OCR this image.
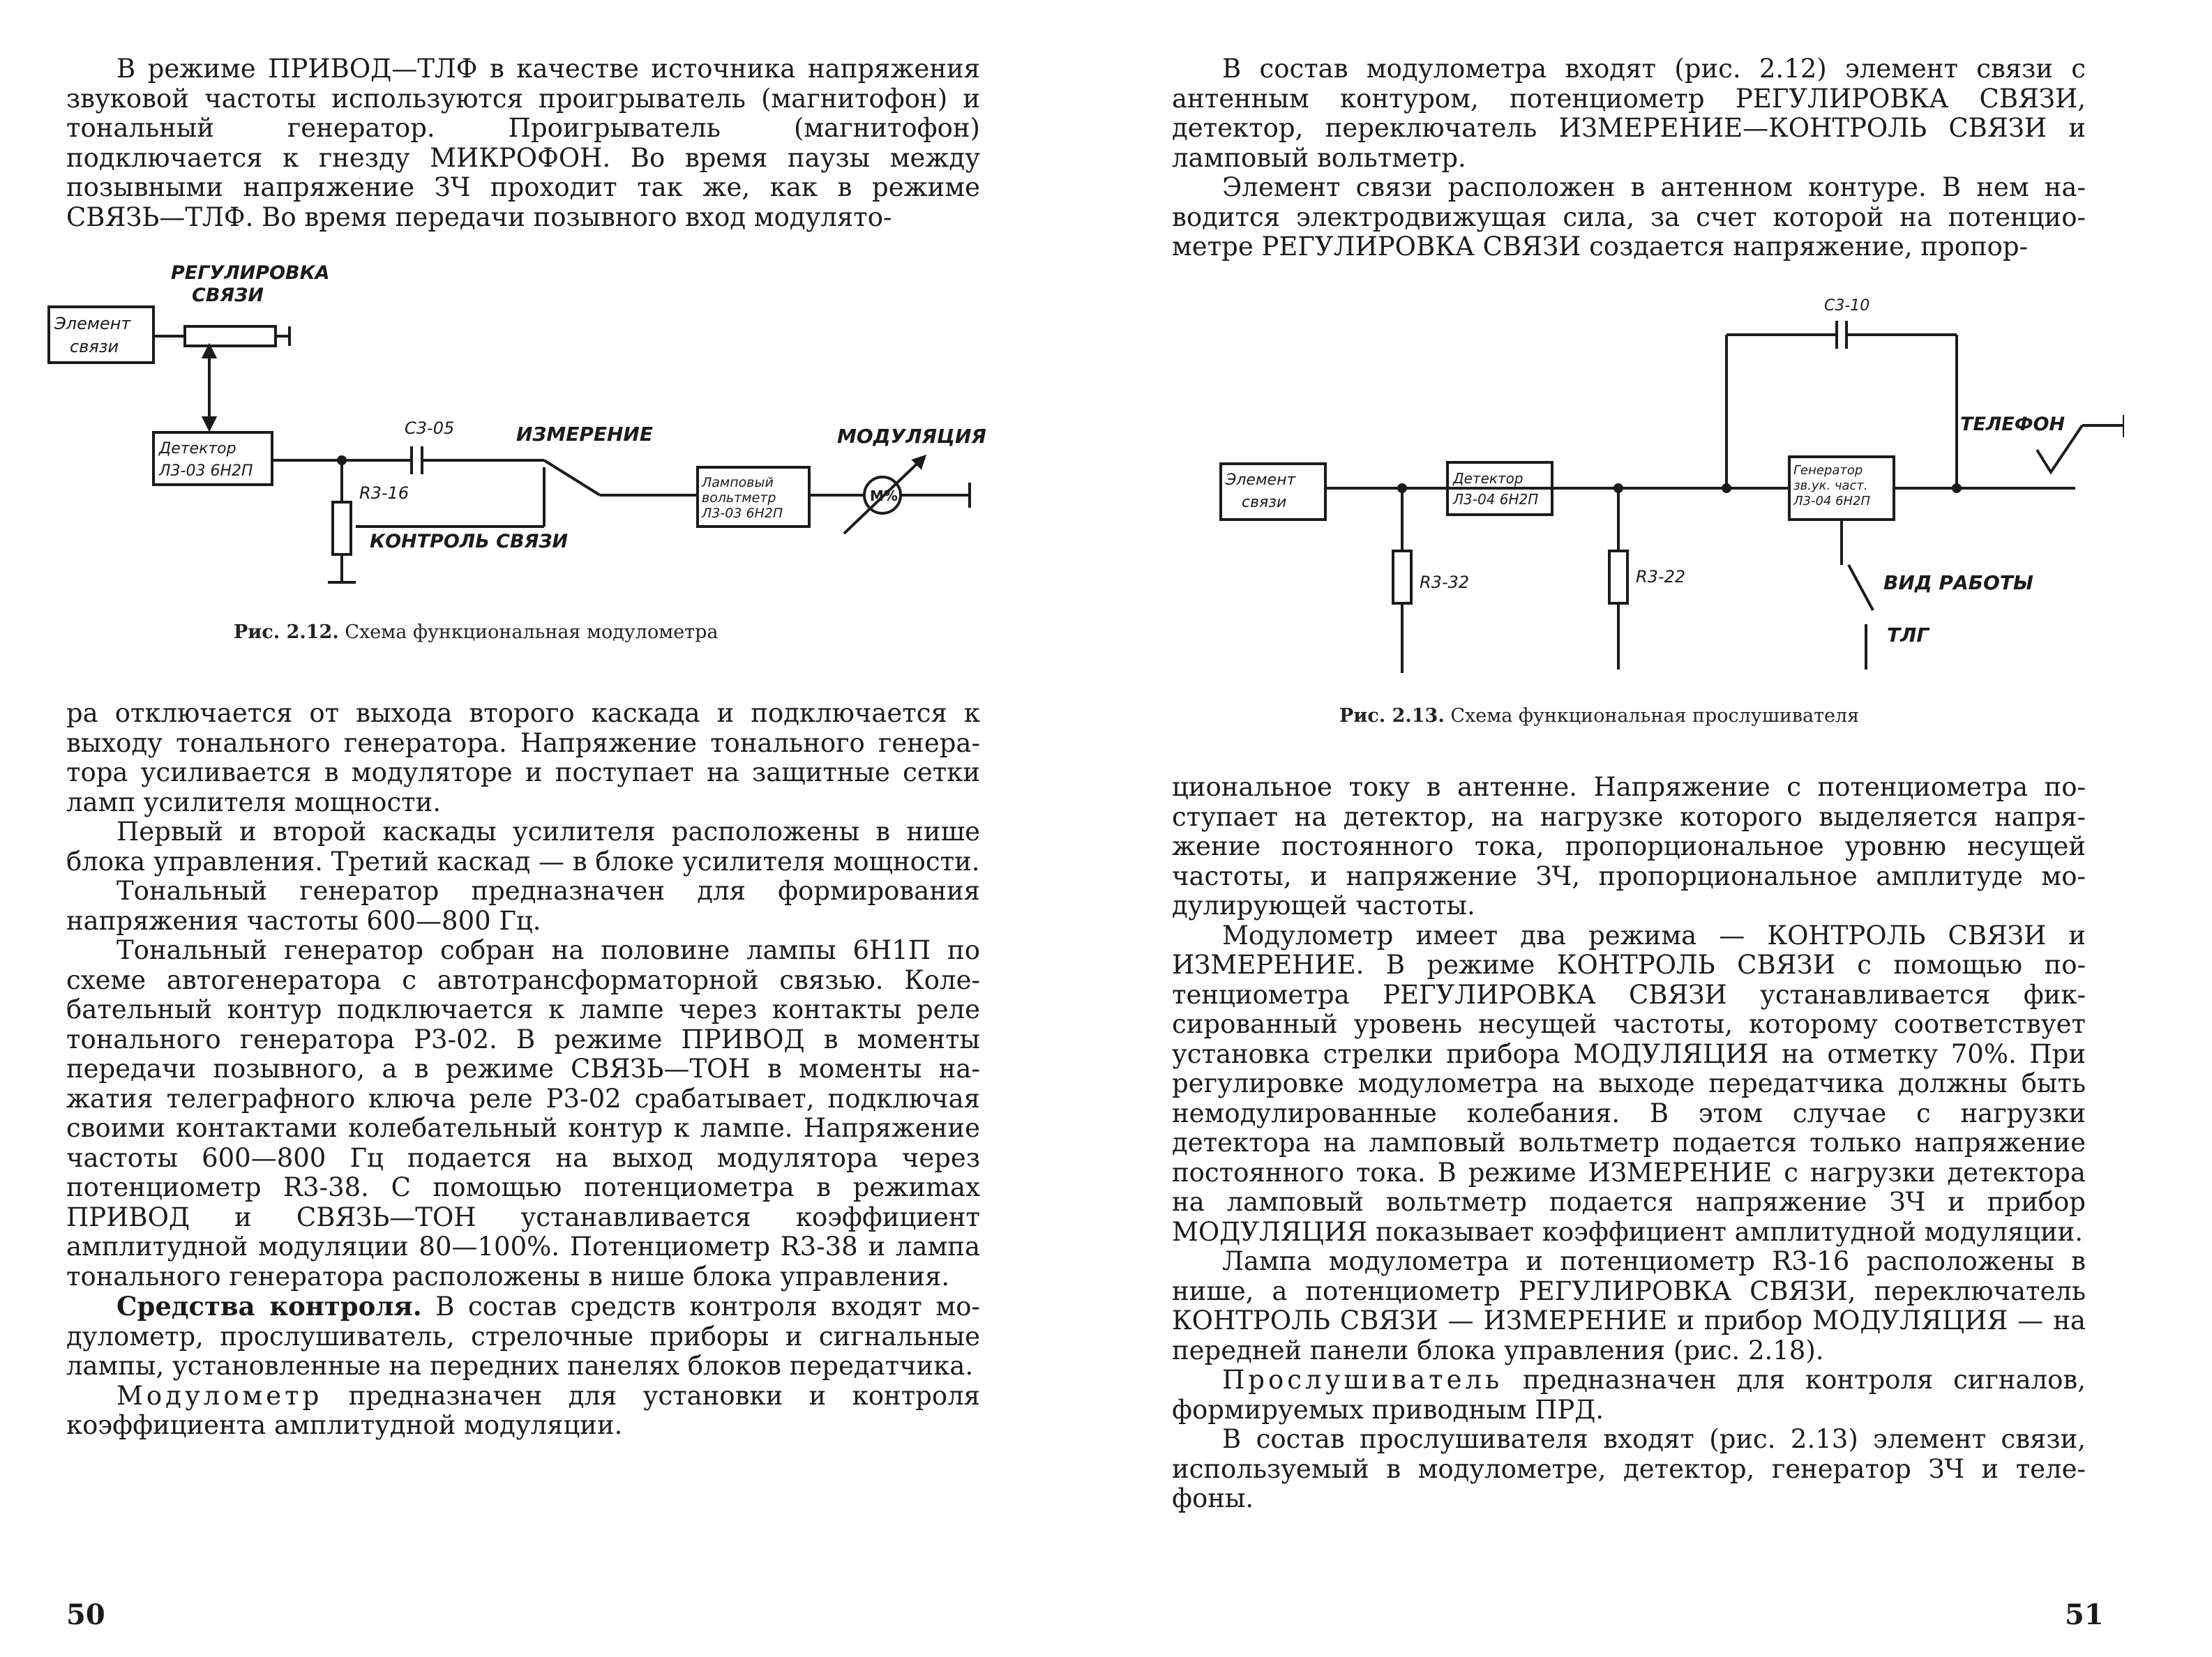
В режиме ПРИВОД—ТЛФ в качестве источника напряжения звуковой частоты используются проигрыватель (магнитофон) и тональный генератор. Проигрыватель (магнитофон) подключается к гнезду МИКРОФОН. Во время паузы между позывными напряжение ЗЧ проходит так же, как в режиме СВЯЗЬ—ТЛФ. Во время передачи позывного вход модулято-

РЕГУЛИРОВКА
СВЯЗИ
Элемент
связи
Детектор
Л3-03 6Н2П
С3-05	ИЗМЕРЕНИЕ	МОДУЛЯЦИЯ
R3-16
КОНТРОЛЬ СВЯЗИ
Ламповый
вольтметр
Л3-03 6Н2П
М%
Рис. 2.12. Схема функциональная модулометра

ра отключается от выхода второго каскада и подключается к выходу тонального генератора. Напряжение тонального генератора усиливается в модуляторе и поступает на защитные сетки ламп усилителя мощности.

Первый и второй каскады усилителя расположены в нише блока управления. Третий каскад — в блоке усилителя мощности.

Тональный генератор предназначен для формирования напряжения частоты 600—800 Гц.

Тональный генератор собран на половине лампы 6Н1П по схеме автогенератора с автотрансформаторной связью. Колебательный контур подключается к лампе через контакты реле тонального генератора Р3-02. В режиме ПРИВОД в моменты передачи позывного, а в режиме СВЯЗЬ—ТОН в моменты нажатия телеграфного ключа реле Р3-02 срабатывает, подключая своими контактами колебательный контур к лампе. Напряжение частоты 600—800 Гц подается на выход модулятора через потенциометр R3-38. С помощью потенциометра в режиmax ПРИВОД и СВЯЗЬ—ТОН устанавливается коэффициент амплитудной модуляции 80—100%. Потенциометр R3-38 и лампа тонального генератора расположены в нише блока управления.

Средства контроля. В состав средств контроля входят модулометр, прослушиватель, стрелочные приборы и сигнальные лампы, установленные на передних панелях блоков передатчика.

Модулометр предназначен для установки и контроля коэффициента амплитудной модуляции.

50

В состав модулометра входят (рис. 2.12) элемент связи с антенным контуром, потенциометр РЕГУЛИРОВКА СВЯЗИ, детектор, переключатель ИЗМЕРЕНИЕ—КОНТРОЛЬ СВЯЗИ и ламповый вольтметр.

Элемент связи расположен в антенном контуре. В нем наводится электродвижущая сила, за счет которой на потенциометре РЕГУЛИРОВКА СВЯЗИ создается напряжение, пропор-

С3-10
ТЕЛЕФОН
Элемент
связи
Детектор
Л3-04 6Н2П
Генератор
зв.ук. част.
Л3-04 6Н2П
R3-32	R3-22	ВИД РАБОТЫ
ТЛГ
Рис. 2.13. Схема функциональная прослушивателя

циональное току в антенне. Напряжение с потенциометра поступает на детектор, на нагрузке которого выделяется напряжение постоянного тока, пропорциональное уровню несущей частоты, и напряжение ЗЧ, пропорциональное амплитуде модулирующей частоты.

Модулометр имеет два режима — КОНТРОЛЬ СВЯЗИ и ИЗМЕРЕНИЕ. В режиме КОНТРОЛЬ СВЯЗИ с помощью потенциометра РЕГУЛИРОВКА СВЯЗИ устанавливается фиксированный уровень несущей частоты, которому соответствует установка стрелки прибора МОДУЛЯЦИЯ на отметку 70%. При регулировке модулометра на выходе передатчика должны быть немодулированные колебания. В этом случае с нагрузки детектора на ламповый вольтметр подается только напряжение постоянного тока. В режиме ИЗМЕРЕНИЕ с нагрузки детектора на ламповый вольтметр подается напряжение ЗЧ и прибор МОДУЛЯЦИЯ показывает коэффициент амплитудной модуляции.

Лампа модулометра и потенциометр R3-16 расположены в нише, а потенциометр РЕГУЛИРОВКА СВЯЗИ, переключатель КОНТРОЛЬ СВЯЗИ — ИЗМЕРЕНИЕ и прибор МОДУЛЯЦИЯ — на передней панели блока управления (рис. 2.18).

Прослушиватель предназначен для контроля сигналов, формируемых приводным ПРД.

В состав прослушивателя входят (рис. 2.13) элемент связи, используемый в модулометре, детектор, генератор ЗЧ и телефоны.

51
